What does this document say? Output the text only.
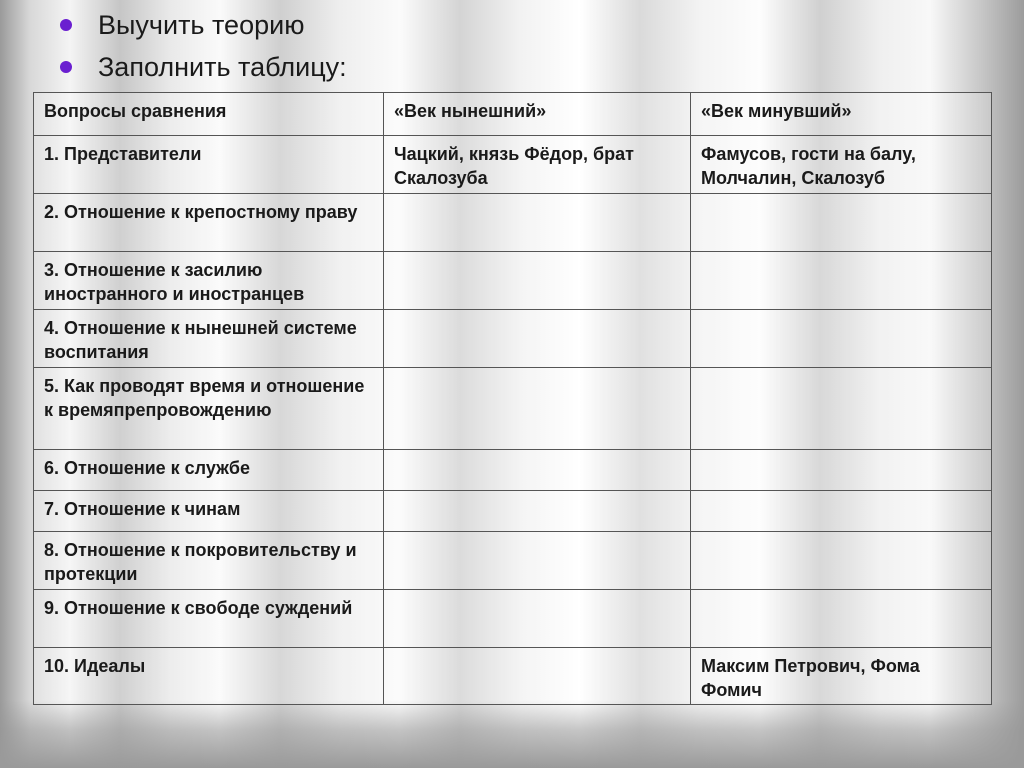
Выучить теорию
Заполнить таблицу:
Вопросы сравнения	«Век нынешний»	«Век минувший»
1. Представители	Чацкий, князь Фёдор, брат Скалозуба	Фамусов, гости на балу, Молчалин, Скалозуб
2. Отношение к крепостному праву		
3. Отношение к засилию иностранного и иностранцев		
4. Отношение к нынешней системе воспитания		
5. Как проводят время и отношение к времяпрепровождению		
6. Отношение к службе		
7. Отношение к чинам		
8. Отношение к покровительству и протекции		
9. Отношение к свободе суждений		
10. Идеалы		Максим Петрович, Фома Фомич
